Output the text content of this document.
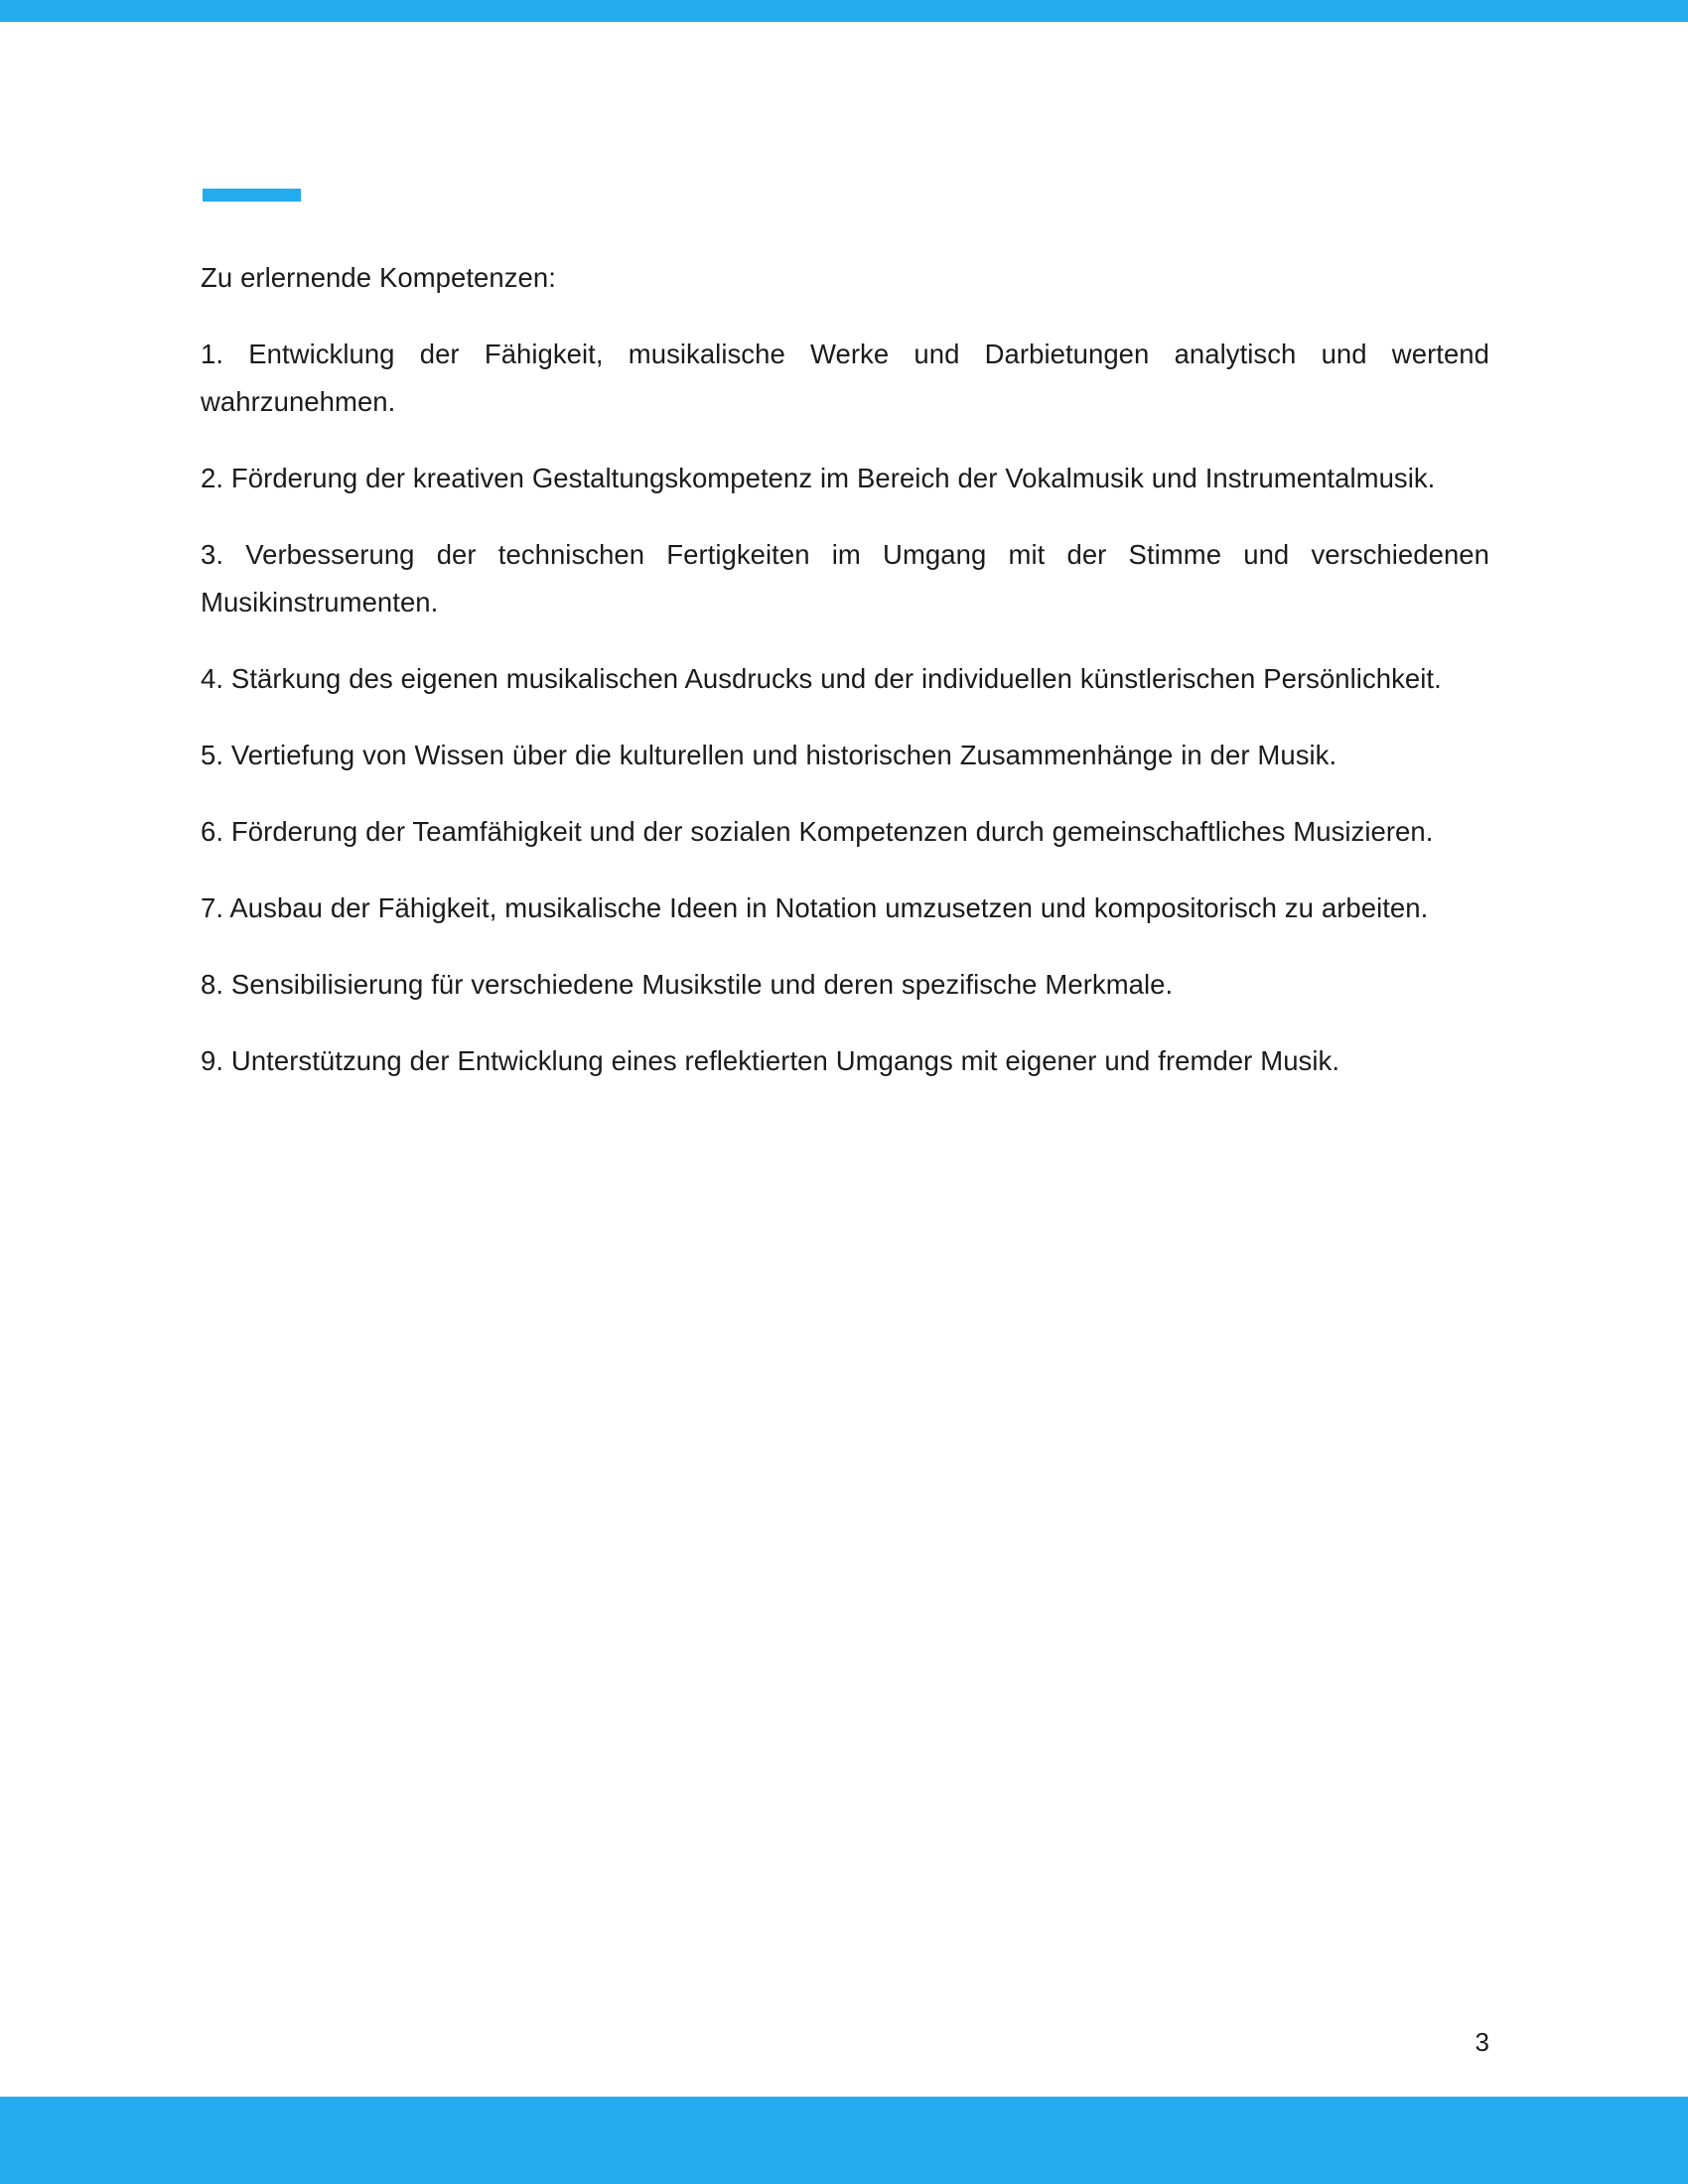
Zu erlernende Kompetenzen:

1. Entwicklung der Fähigkeit, musikalische Werke und Darbietungen analytisch und wertend wahrzunehmen.

2. Förderung der kreativen Gestaltungskompetenz im Bereich der Vokalmusik und Instrumentalmusik.

3. Verbesserung der technischen Fertigkeiten im Umgang mit der Stimme und verschiedenen Musikinstrumenten.

4. Stärkung des eigenen musikalischen Ausdrucks und der individuellen künstlerischen Persönlichkeit.

5. Vertiefung von Wissen über die kulturellen und historischen Zusammenhänge in der Musik.

6. Förderung der Teamfähigkeit und der sozialen Kompetenzen durch gemeinschaftliches Musizieren.

7. Ausbau der Fähigkeit, musikalische Ideen in Notation umzusetzen und kompositorisch zu arbeiten.

8. Sensibilisierung für verschiedene Musikstile und deren spezifische Merkmale.

9. Unterstützung der Entwicklung eines reflektierten Umgangs mit eigener und fremder Musik.

3
